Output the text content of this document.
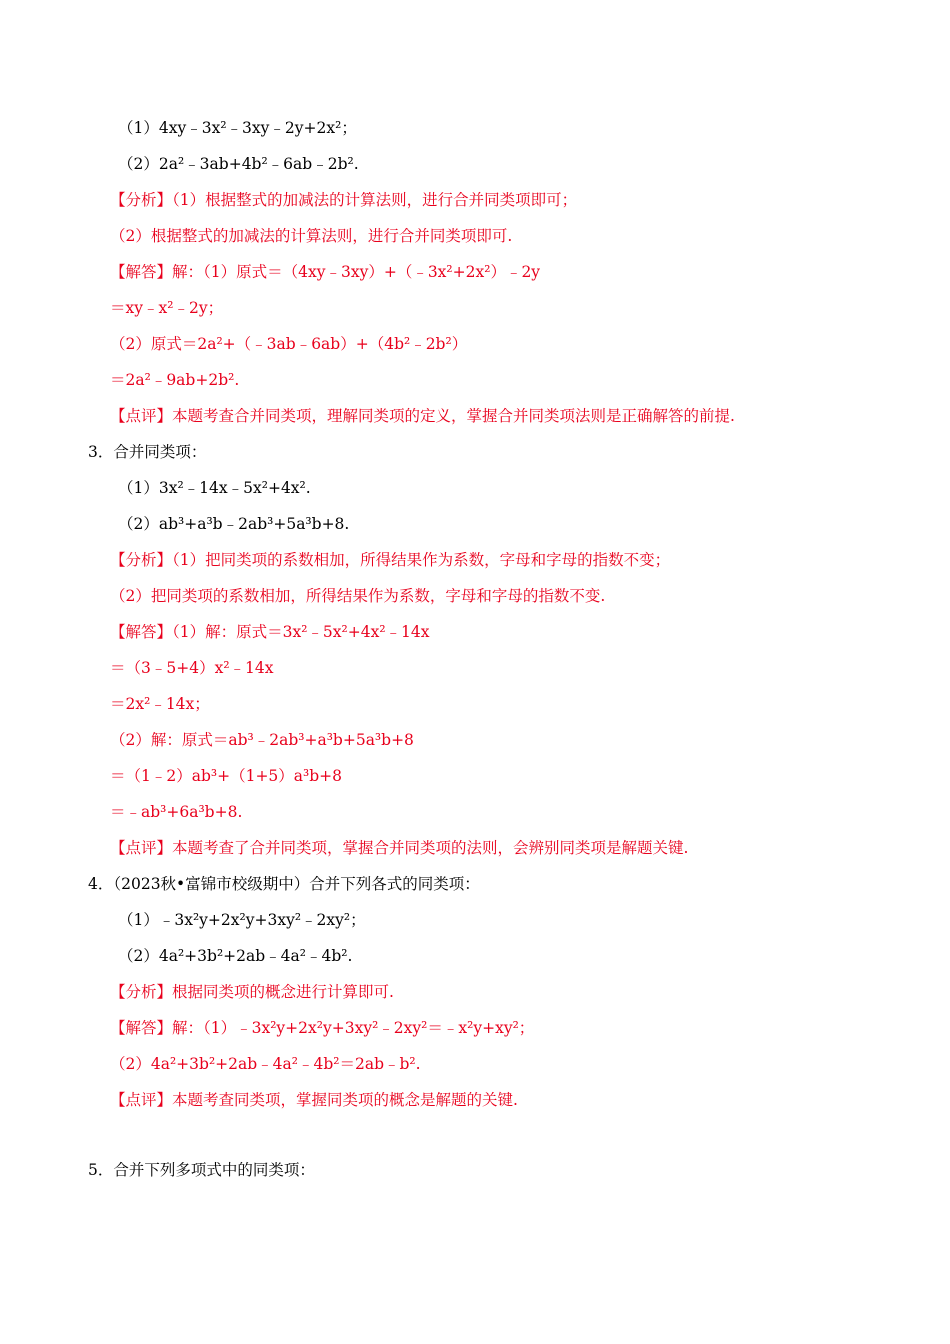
（1）4xy﹣3x²﹣3xy﹣2y+2x²；
（2）2a²﹣3ab+4b²﹣6ab﹣2b².
【分析】（1）根据整式的加减法的计算法则，进行合并同类项即可；
（2）根据整式的加减法的计算法则，进行合并同类项即可.
【解答】解：（1）原式＝（4xy﹣3xy）+（﹣3x²+2x²）﹣2y
＝xy﹣x²﹣2y；
（2）原式＝2a²+（﹣3ab﹣6ab）+（4b²﹣2b²）
＝2a²﹣9ab+2b².
【点评】本题考查合并同类项，理解同类项的定义，掌握合并同类项法则是正确解答的前提.
3．合并同类项：
（1）3x²﹣14x﹣5x²+4x².
（2）ab³+a³b﹣2ab³+5a³b+8.
【分析】（1）把同类项的系数相加，所得结果作为系数，字母和字母的指数不变；
（2）把同类项的系数相加，所得结果作为系数，字母和字母的指数不变.
【解答】（1）解：原式＝3x²﹣5x²+4x²﹣14x
＝（3﹣5+4）x²﹣14x
＝2x²﹣14x；
（2）解：原式＝ab³﹣2ab³+a³b+5a³b+8
＝（1﹣2）ab³+（1+5）a³b+8
＝﹣ab³+6a³b+8.
【点评】本题考查了合并同类项，掌握合并同类项的法则，会辨别同类项是解题关键.
4．（2023秋•富锦市校级期中）合并下列各式的同类项：
（1）﹣3x²y+2x²y+3xy²﹣2xy²；
（2）4a²+3b²+2ab﹣4a²﹣4b².
【分析】根据同类项的概念进行计算即可.
【解答】解：（1）﹣3x²y+2x²y+3xy²﹣2xy²＝﹣x²y+xy²；
（2）4a²+3b²+2ab﹣4a²﹣4b²＝2ab﹣b².
【点评】本题考查同类项，掌握同类项的概念是解题的关键.
5．合并下列多项式中的同类项：
